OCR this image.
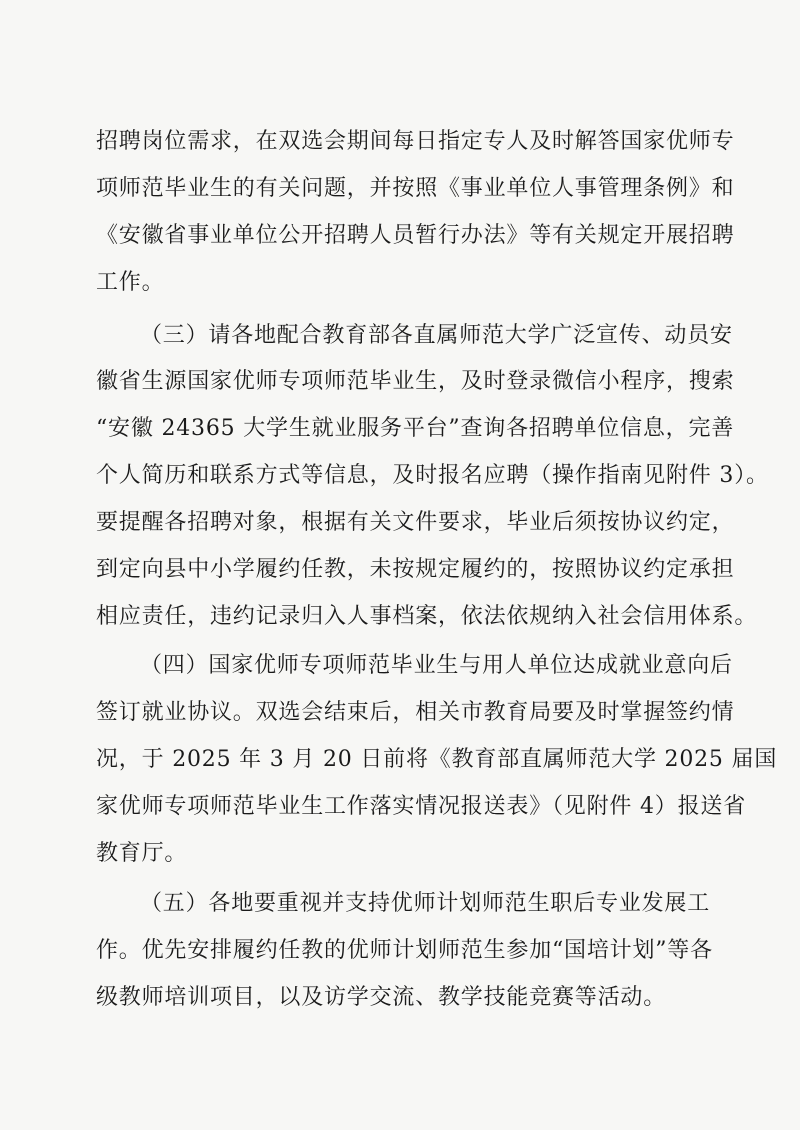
招聘岗位需求，在双选会期间每日指定专人及时解答国家优师专
项师范毕业生的有关问题，并按照《事业单位人事管理条例》和
《安徽省事业单位公开招聘人员暂行办法》等有关规定开展招聘
工作。
（三）请各地配合教育部各直属师范大学广泛宣传、动员安
徽省生源国家优师专项师范毕业生，及时登录微信小程序，搜索
“安徽 24365 大学生就业服务平台”查询各招聘单位信息，完善
个人简历和联系方式等信息，及时报名应聘（操作指南见附件 3）。
要提醒各招聘对象，根据有关文件要求，毕业后须按协议约定，
到定向县中小学履约任教，未按规定履约的，按照协议约定承担
相应责任，违约记录归入人事档案，依法依规纳入社会信用体系。
（四）国家优师专项师范毕业生与用人单位达成就业意向后
签订就业协议。双选会结束后，相关市教育局要及时掌握签约情
况，于 2025 年 3 月 20 日前将《教育部直属师范大学 2025 届国
家优师专项师范毕业生工作落实情况报送表》（见附件 4）报送省
教育厅。
（五）各地要重视并支持优师计划师范生职后专业发展工
作。优先安排履约任教的优师计划师范生参加“国培计划”等各
级教师培训项目，以及访学交流、教学技能竞赛等活动。
